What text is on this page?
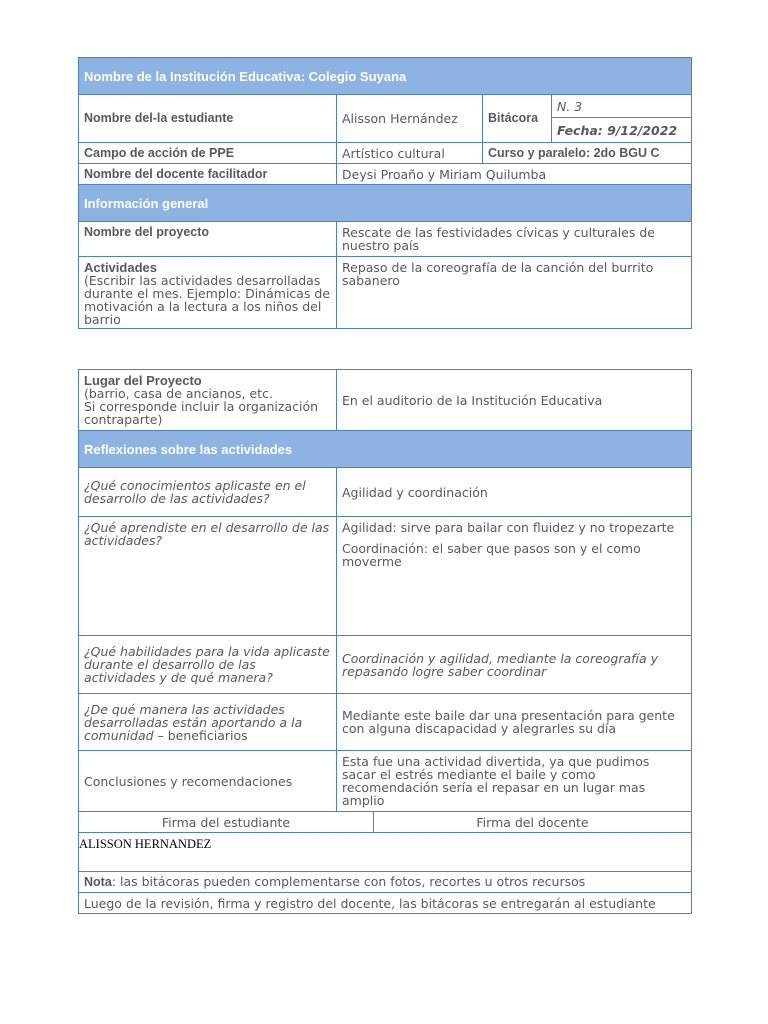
Nombre de la Institución Educativa: Colegio Suyana			
Nombre del-la estudiante	Alisson Hernández	Bitácora	N. 3
			Fecha: 9/12/2022
Campo de acción de PPE	Artístico cultural	Curso y paralelo: 2do BGU C	
Nombre del docente facilitador	Deysi Proaño y Miriam Quilumba		
Información general			
Nombre del proyecto	Rescate de las festividades cívicas y culturales de nuestro país		

Actividades

(Escribir las actividades desarrolladas durante el mes. Ejemplo: Dinámicas de motivación a la lectura a los niños del barrio	Repaso de la coreografía de la canción del burrito sabanero		

Lugar del Proyecto

(barrio, casa de ancianos, etc.

Si corresponde incluir la organización contraparte)	En el auditorio de la Institución Educativa	
Reflexiones sobre las actividades		
¿Qué conocimientos aplicaste en el desarrollo de las actividades?	Agilidad y coordinación	
¿Qué aprendiste en el desarrollo de las actividades?	Agilidad: sirve para bailar con fluidez y no tropezarte

Coordinación: el saber que pasos son y el como moverme	

¿Qué habilidades para la vida aplicaste durante el desarrollo de las actividades y de qué manera?	Coordinación y agilidad, mediante la coreografía y repasando logre saber coordinar	
¿De qué manera las actividades desarrolladas están aportando a la comunidad – beneficiarios	Mediante este baile dar una presentación para gente con alguna discapacidad y alegrarles su día	
Conclusiones y recomendaciones	Esta fue una actividad divertida, ya que pudimos sacar el estrés mediante el baile y como recomendación sería el repasar en un lugar mas amplio	
Firma del estudiante		Firma del docente
ALISSON HERNANDEZ		
Nota: las bitácoras pueden complementarse con fotos, recortes u otros recursos		
Luego de la revisión, firma y registro del docente, las bitácoras se entregarán al estudiante		
